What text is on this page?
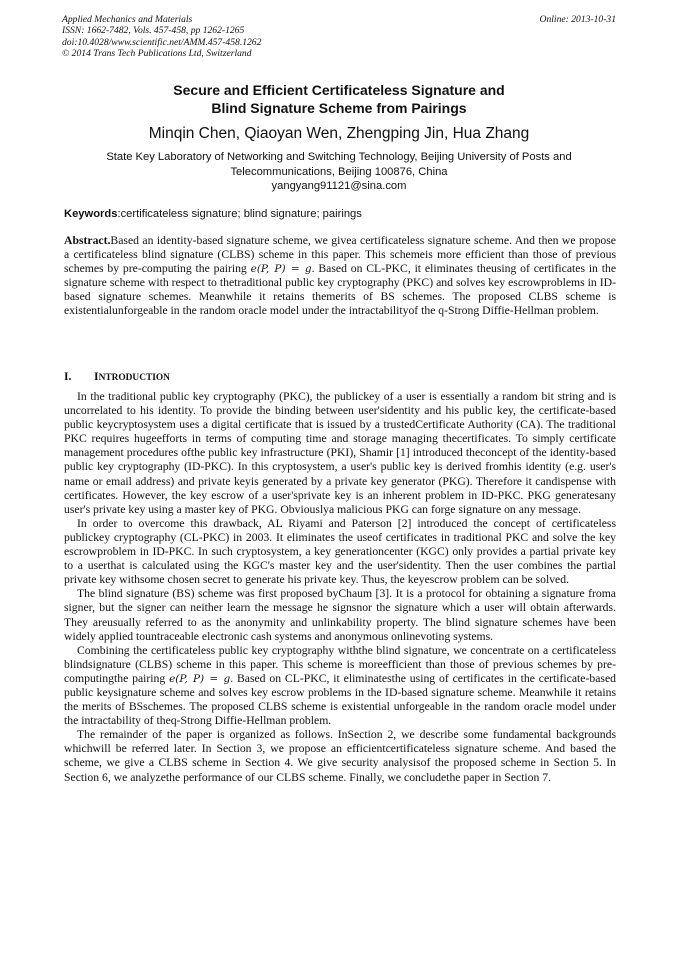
Applied Mechanics and Materials
ISSN: 1662-7482, Vols. 457-458, pp 1262-1265
doi:10.4028/www.scientific.net/AMM.457-458.1262
© 2014 Trans Tech Publications Ltd, Switzerland
Online: 2013-10-31
Secure and Efficient Certificateless Signature and
Blind Signature Scheme from Pairings
Minqin Chen, Qiaoyan Wen, Zhengping Jin, Hua Zhang
State Key Laboratory of Networking and Switching Technology, Beijing University of Posts and
Telecommunications, Beijing 100876, China
yangyang91121@sina.com
Keywords:certificateless signature; blind signature; pairings
Abstract.Based an identity-based signature scheme, we givea certificateless signature scheme. And then we propose a certificateless blind signature (CLBS) scheme in this paper. This schemeis more efficient than those of previous schemes by pre-computing the pairing e(P, P) = g. Based on CL-PKC, it eliminates theusing of certificates in the signature scheme with respect to thetraditional public key cryptography (PKC) and solves key escrowproblems in ID-based signature schemes. Meanwhile it retains themerits of BS schemes. The proposed CLBS scheme is existentialunforgeable in the random oracle model under the intractabilityof the q-Strong Diffie-Hellman problem.
I. INTRODUCTION

In the traditional public key cryptography (PKC), the publickey of a user is essentially a random bit string and is uncorrelated to his identity. To provide the binding between user'sidentity and his public key, the certificate-based public keycryptosystem uses a digital certificate that is issued by a trustedCertificate Authority (CA). The traditional PKC requires hugeefforts in terms of computing time and storage managing thecertificates. To simply certificate management procedures ofthe public key infrastructure (PKI), Shamir [1] introduced theconcept of the identity-based public key cryptography (ID-PKC). In this cryptosystem, a user's public key is derived fromhis identity (e.g. user's name or email address) and private keyis generated by a private key generator (PKG). Therefore it candispense with certificates. However, the key escrow of a user'sprivate key is an inherent problem in ID-PKC. PKG generatesany user's private key using a master key of PKG. Obviouslya malicious PKG can forge signature on any message.

In order to overcome this drawback, AL Riyami and Paterson [2] introduced the concept of certificateless publickey cryptography (CL-PKC) in 2003. It eliminates the useof certificates in traditional PKC and solve the key escrowproblem in ID-PKC. In such cryptosystem, a key generationcenter (KGC) only provides a partial private key to a userthat is calculated using the KGC's master key and the user'sidentity. Then the user combines the partial private key withsome chosen secret to generate his private key. Thus, the keyescrow problem can be solved.

The blind signature (BS) scheme was first proposed byChaum [3]. It is a protocol for obtaining a signature froma signer, but the signer can neither learn the message he signsnor the signature which a user will obtain afterwards. They areusually referred to as the anonymity and unlinkability property. The blind signature schemes have been widely applied tountraceable electronic cash systems and anonymous onlinevoting systems.

Combining the certificateless public key cryptography withthe blind signature, we concentrate on a certificateless blindsignature (CLBS) scheme in this paper. This scheme is moreefficient than those of previous schemes by pre-computingthe pairing e(P, P) = g. Based on CL-PKC, it eliminatesthe using of certificates in the certificate-based public keysignature scheme and solves key escrow problems in the ID-based signature scheme. Meanwhile it retains the merits of BSschemes. The proposed CLBS scheme is existential unforgeable in the random oracle model under the intractability of theq-Strong Diffie-Hellman problem.

The remainder of the paper is organized as follows. InSection 2, we describe some fundamental backgrounds whichwill be referred later. In Section 3, we propose an efficientcertificateless signature scheme. And based the scheme, we give a CLBS scheme in Section 4. We give security analysisof the proposed scheme in Section 5. In Section 6, we analyzethe performance of our CLBS scheme. Finally, we concludethe paper in Section 7.
